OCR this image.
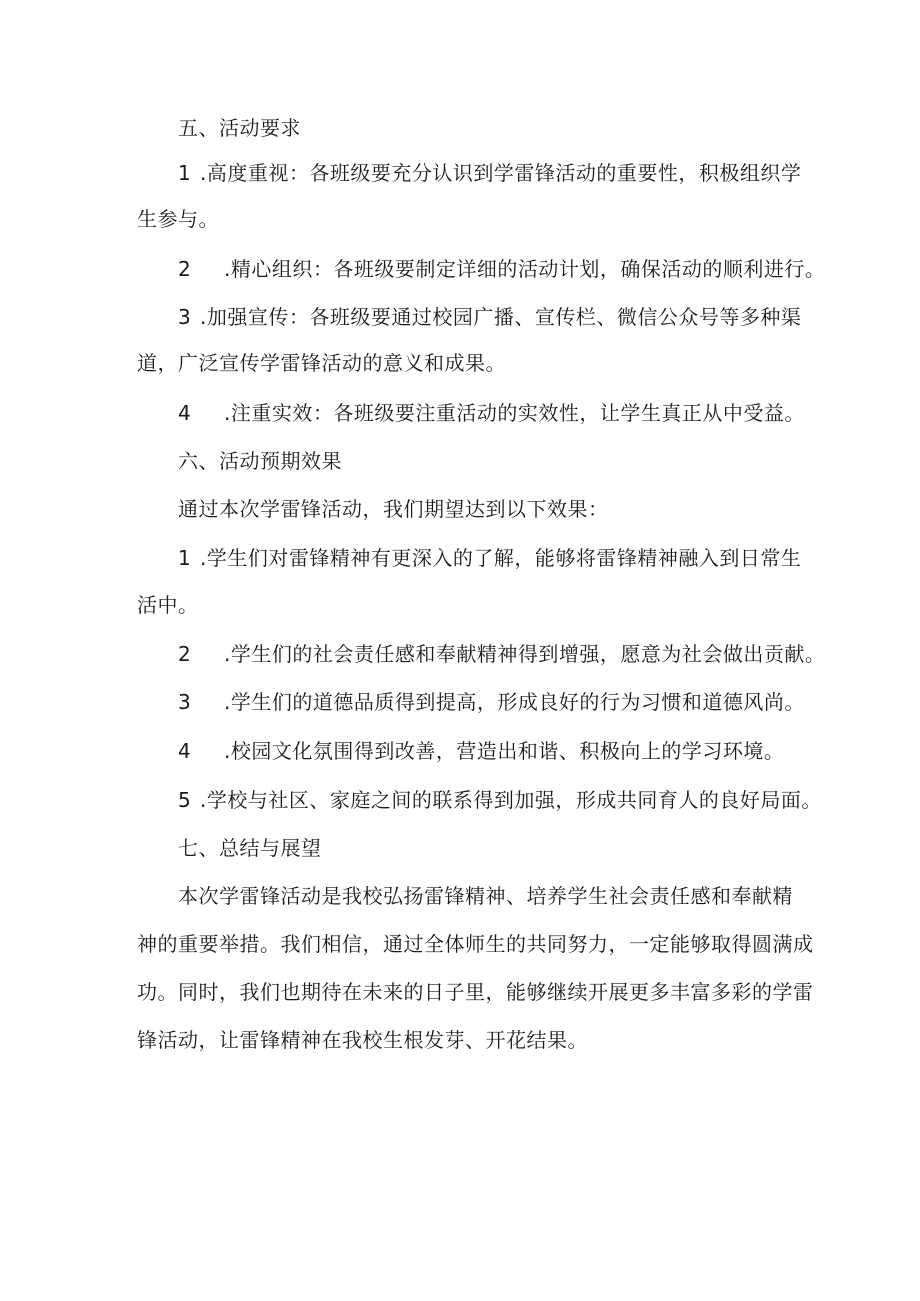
五、活动要求
1 .高度重视：各班级要充分认识到学雷锋活动的重要性，积极组织学
生参与。
2 .精心组织：各班级要制定详细的活动计划，确保活动的顺利进行。
3 .加强宣传：各班级要通过校园广播、宣传栏、微信公众号等多种渠
道，广泛宣传学雷锋活动的意义和成果。
4 .注重实效：各班级要注重活动的实效性，让学生真正从中受益。
六、活动预期效果
通过本次学雷锋活动，我们期望达到以下效果：
1 .学生们对雷锋精神有更深入的了解，能够将雷锋精神融入到日常生
活中。
2 .学生们的社会责任感和奉献精神得到增强，愿意为社会做出贡献。
3 .学生们的道德品质得到提高，形成良好的行为习惯和道德风尚。
4 .校园文化氛围得到改善，营造出和谐、积极向上的学习环境。
5 .学校与社区、家庭之间的联系得到加强，形成共同育人的良好局面。
七、总结与展望
本次学雷锋活动是我校弘扬雷锋精神、培养学生社会责任感和奉献精
神的重要举措。我们相信，通过全体师生的共同努力，一定能够取得圆满成
功。同时，我们也期待在未来的日子里，能够继续开展更多丰富多彩的学雷
锋活动，让雷锋精神在我校生根发芽、开花结果。
